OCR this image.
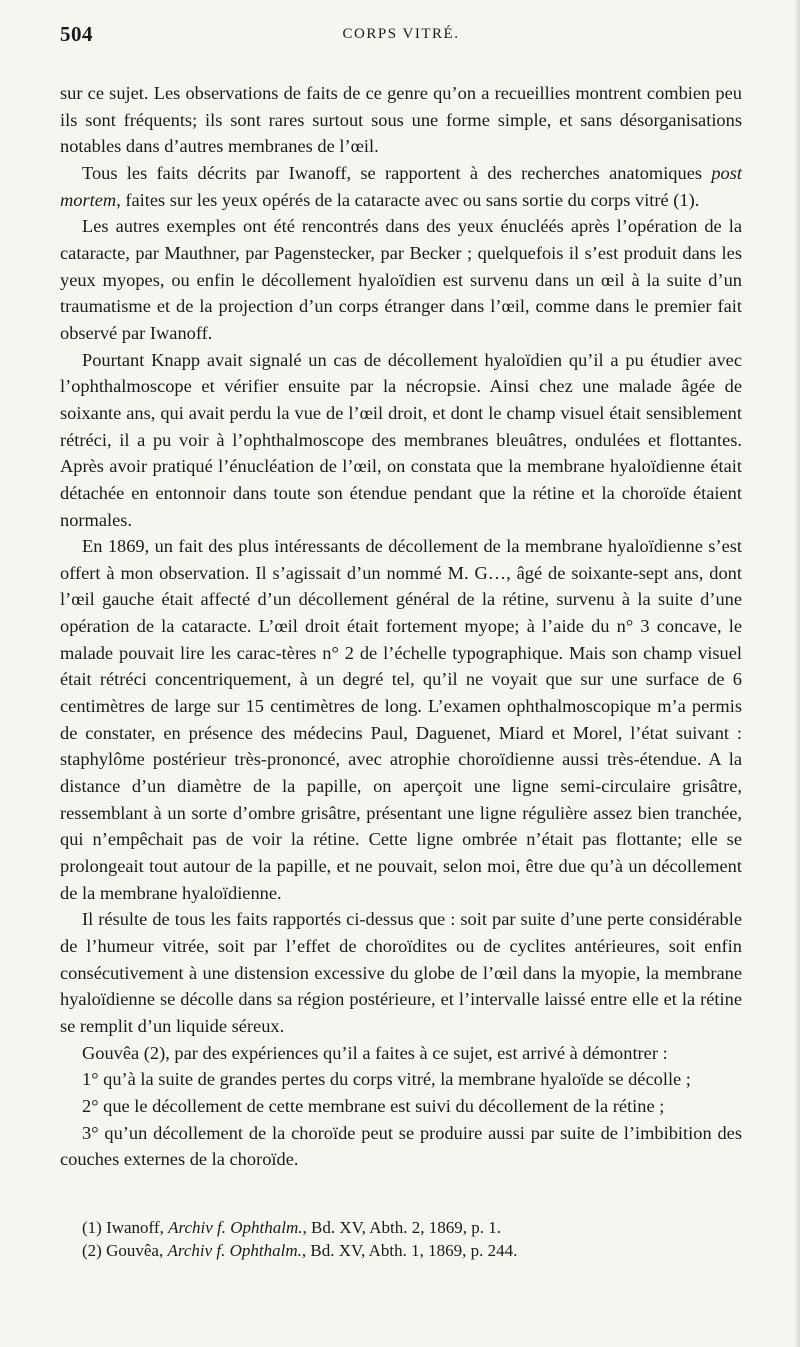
504	CORPS VITRÉ.

sur ce sujet. Les observations de faits de ce genre qu’on a recueillies montrent combien peu ils sont fréquents; ils sont rares surtout sous une forme simple, et sans désorganisations notables dans d’autres membranes de l’œil.

Tous les faits décrits par Iwanoff, se rapportent à des recherches anatomiques post mortem, faites sur les yeux opérés de la cataracte avec ou sans sortie du corps vitré (1).

Les autres exemples ont été rencontrés dans des yeux énucléés après l’opération de la cataracte, par Mauthner, par Pagenstecker, par Becker ; quelquefois il s’est produit dans les yeux myopes, ou enfin le décollement hyaloïdien est survenu dans un œil à la suite d’un traumatisme et de la projection d’un corps étranger dans l’œil, comme dans le premier fait observé par Iwanoff.

Pourtant Knapp avait signalé un cas de décollement hyaloïdien qu’il a pu étudier avec l’ophthalmoscope et vérifier ensuite par la nécropsie. Ainsi chez une malade âgée de soixante ans, qui avait perdu la vue de l’œil droit, et dont le champ visuel était sensiblement rétréci, il a pu voir à l’ophthalmoscope des membranes bleuâtres, ondulées et flottantes. Après avoir pratiqué l’énucléation de l’œil, on constata que la membrane hyaloïdienne était détachée en entonnoir dans toute son étendue pendant que la rétine et la choroïde étaient normales.

En 1869, un fait des plus intéressants de décollement de la membrane hyaloïdienne s’est offert à mon observation. Il s’agissait d’un nommé M. G…, âgé de soixante-sept ans, dont l’œil gauche était affecté d’un décollement général de la rétine, survenu à la suite d’une opération de la cataracte. L’œil droit était fortement myope; à l’aide du n° 3 concave, le malade pouvait lire les carac-tères n° 2 de l’échelle typographique. Mais son champ visuel était rétréci concentriquement, à un degré tel, qu’il ne voyait que sur une surface de 6 centimètres de large sur 15 centimètres de long. L’examen ophthalmoscopique m’a permis de constater, en présence des médecins Paul, Daguenet, Miard et Morel, l’état suivant : staphylôme postérieur très-prononcé, avec atrophie choroïdienne aussi très-étendue. A la distance d’un diamètre de la papille, on aperçoit une ligne semi-circulaire grisâtre, ressemblant à un sorte d’ombre grisâtre, présentant une ligne régulière assez bien tranchée, qui n’empêchait pas de voir la rétine. Cette ligne ombrée n’était pas flottante; elle se prolongeait tout autour de la papille, et ne pouvait, selon moi, être due qu’à un décollement de la membrane hyaloïdienne.

Il résulte de tous les faits rapportés ci-dessus que : soit par suite d’une perte considérable de l’humeur vitrée, soit par l’effet de choroïdites ou de cyclites antérieures, soit enfin consécutivement à une distension excessive du globe de l’œil dans la myopie, la membrane hyaloïdienne se décolle dans sa région postérieure, et l’intervalle laissé entre elle et la rétine se remplit d’un liquide séreux.

Gouvêa (2), par des expériences qu’il a faites à ce sujet, est arrivé à démontrer :

1° qu’à la suite de grandes pertes du corps vitré, la membrane hyaloïde se décolle ;

2° que le décollement de cette membrane est suivi du décollement de la rétine ;

3° qu’un décollement de la choroïde peut se produire aussi par suite de l’imbibition des couches externes de la choroïde.

(1) Iwanoff, Archiv f. Ophthalm., Bd. XV, Abth. 2, 1869, p. 1.

(2) Gouvêa, Archiv f. Ophthalm., Bd. XV, Abth. 1, 1869, p. 244.
